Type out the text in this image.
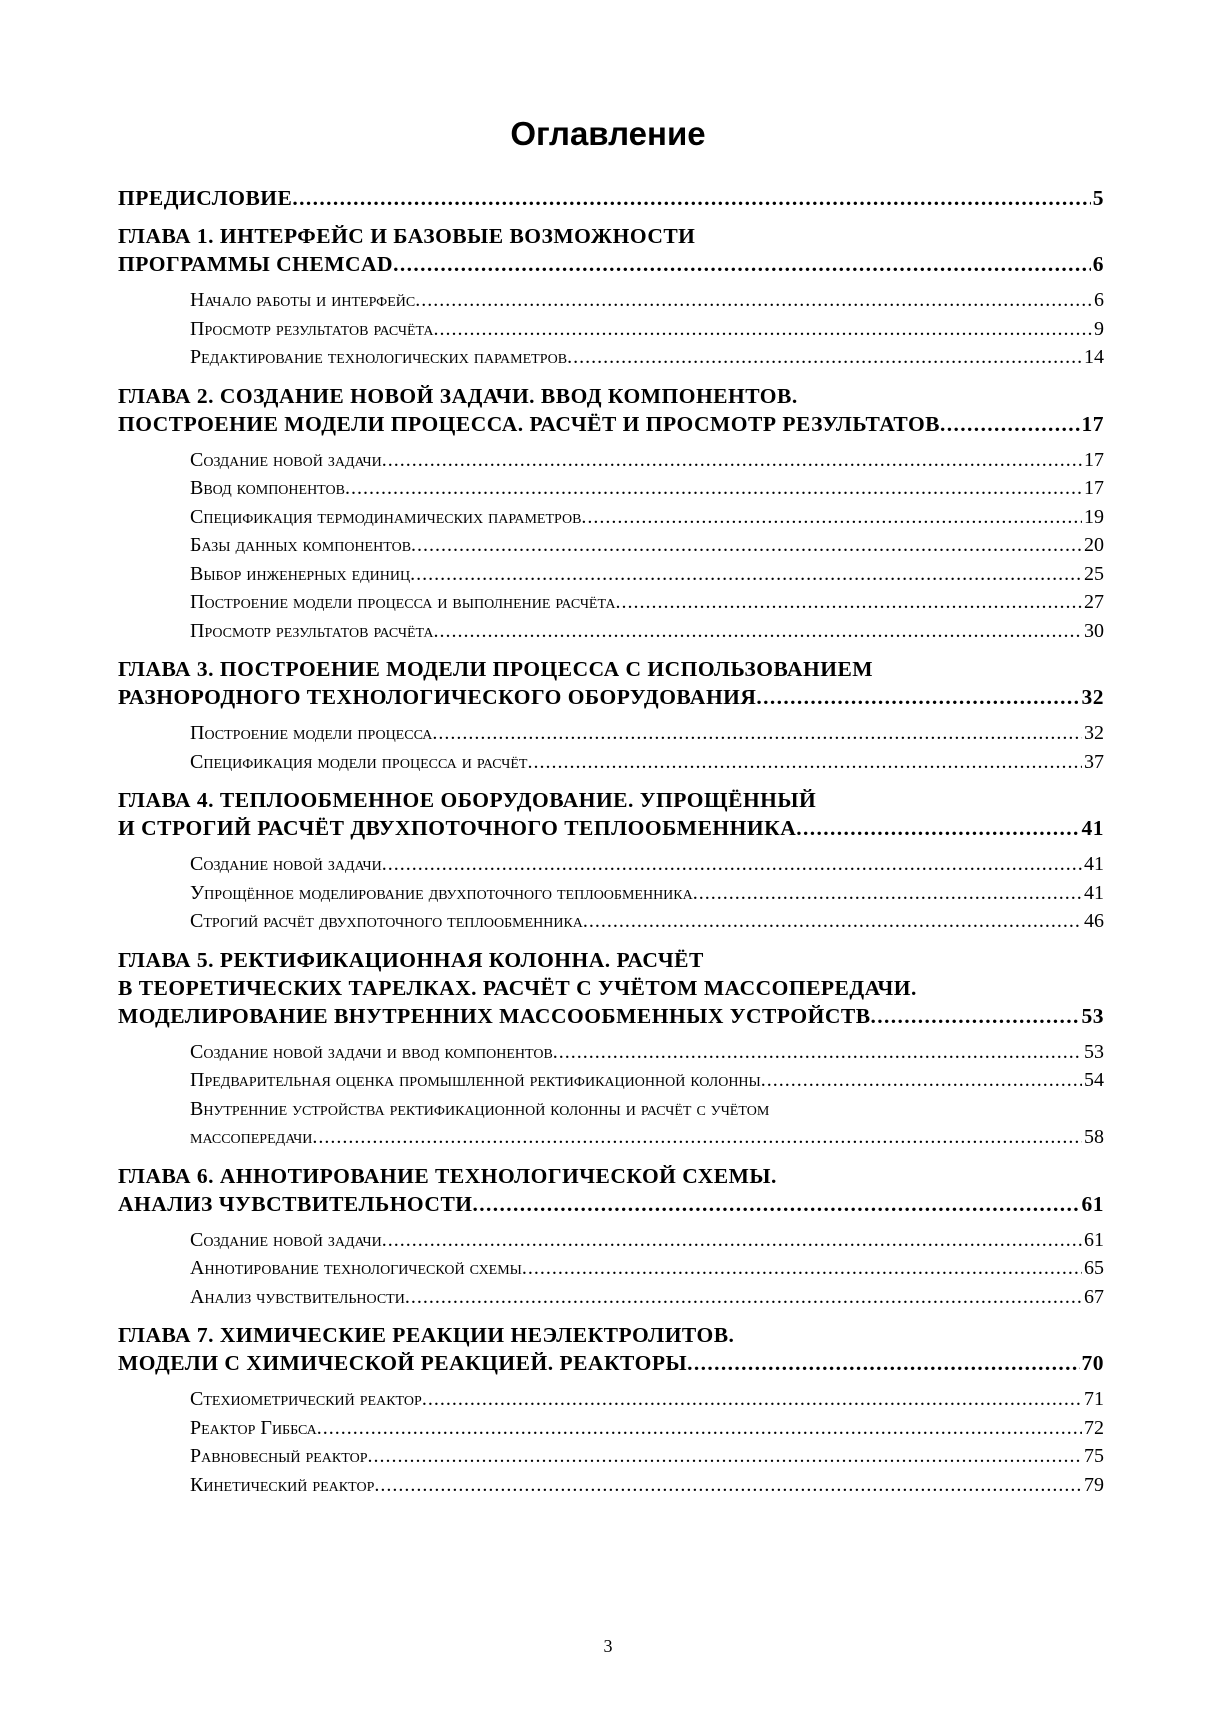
Оглавление
ПРЕДИСЛОВИЕ . . .	5
ГЛАВА 1. ИНТЕРФЕЙС И БАЗОВЫЕ ВОЗМОЖНОСТИ
ПРОГРАММЫ CHEMCAD . . .	6
Начало работы и интерфейс . . .	6
Просмотр результатов расчёта . . .	9
Редактирование технологических параметров . . .	14
ГЛАВА 2. СОЗДАНИЕ НОВОЙ ЗАДАЧИ. ВВОД КОМПОНЕНТОВ.
ПОСТРОЕНИЕ МОДЕЛИ ПРОЦЕССА. РАСЧЁТ И ПРОСМОТР РЕЗУЛЬТАТОВ . . .	17
Создание новой задачи . . .	17
Ввод компонентов . . .	17
Спецификация термодинамических параметров . . .	19
Базы данных компонентов . . .	20
Выбор инженерных единиц . . .	25
Построение модели процесса и выполнение расчёта . . .	27
Просмотр результатов расчёта . . .	30
ГЛАВА 3. ПОСТРОЕНИЕ МОДЕЛИ ПРОЦЕССА С ИСПОЛЬЗОВАНИЕМ
РАЗНОРОДНОГО ТЕХНОЛОГИЧЕСКОГО ОБОРУДОВАНИЯ . . .	32
Построение модели процесса . . .	32
Спецификация модели процесса и расчёт . . .	37
ГЛАВА 4. ТЕПЛООБМЕННОЕ ОБОРУДОВАНИЕ. УПРОЩЁННЫЙ
И СТРОГИЙ РАСЧЁТ ДВУХПОТОЧНОГО ТЕПЛООБМЕННИКА . . .	41
Создание новой задачи . . .	41
Упрощённое моделирование двухпоточного теплообменника . . .	41
Строгий расчёт двухпоточного теплообменника . . .	46
ГЛАВА 5. РЕКТИФИКАЦИОННАЯ КОЛОННА. РАСЧЁТ
В ТЕОРЕТИЧЕСКИХ ТАРЕЛКАХ. РАСЧЁТ С УЧЁТОМ МАССОПЕРЕДАЧИ.
МОДЕЛИРОВАНИЕ ВНУТРЕННИХ МАССООБМЕННЫХ УСТРОЙСТВ . . .	53
Создание новой задачи и ввод компонентов . . .	53
Предварительная оценка промышленной ректификационной колонны . . .	54
Внутренние устройства ректификационной колонны и расчёт с учётом
массопередачи . . .	58
ГЛАВА 6. АННОТИРОВАНИЕ ТЕХНОЛОГИЧЕСКОЙ СХЕМЫ.
АНАЛИЗ ЧУВСТВИТЕЛЬНОСТИ . . .	61
Создание новой задачи . . .	61
Аннотирование технологической схемы . . .	65
Анализ чувствительности . . .	67
ГЛАВА 7. ХИМИЧЕСКИЕ РЕАКЦИИ НЕЭЛЕКТРОЛИТОВ.
МОДЕЛИ С ХИМИЧЕСКОЙ РЕАКЦИЕЙ. РЕАКТОРЫ . . .	70
Стехиометрический реактор . . .	71
Реактор Гиббса . . .	72
Равновесный реактор . . .	75
Кинетический реактор . . .	79
3
